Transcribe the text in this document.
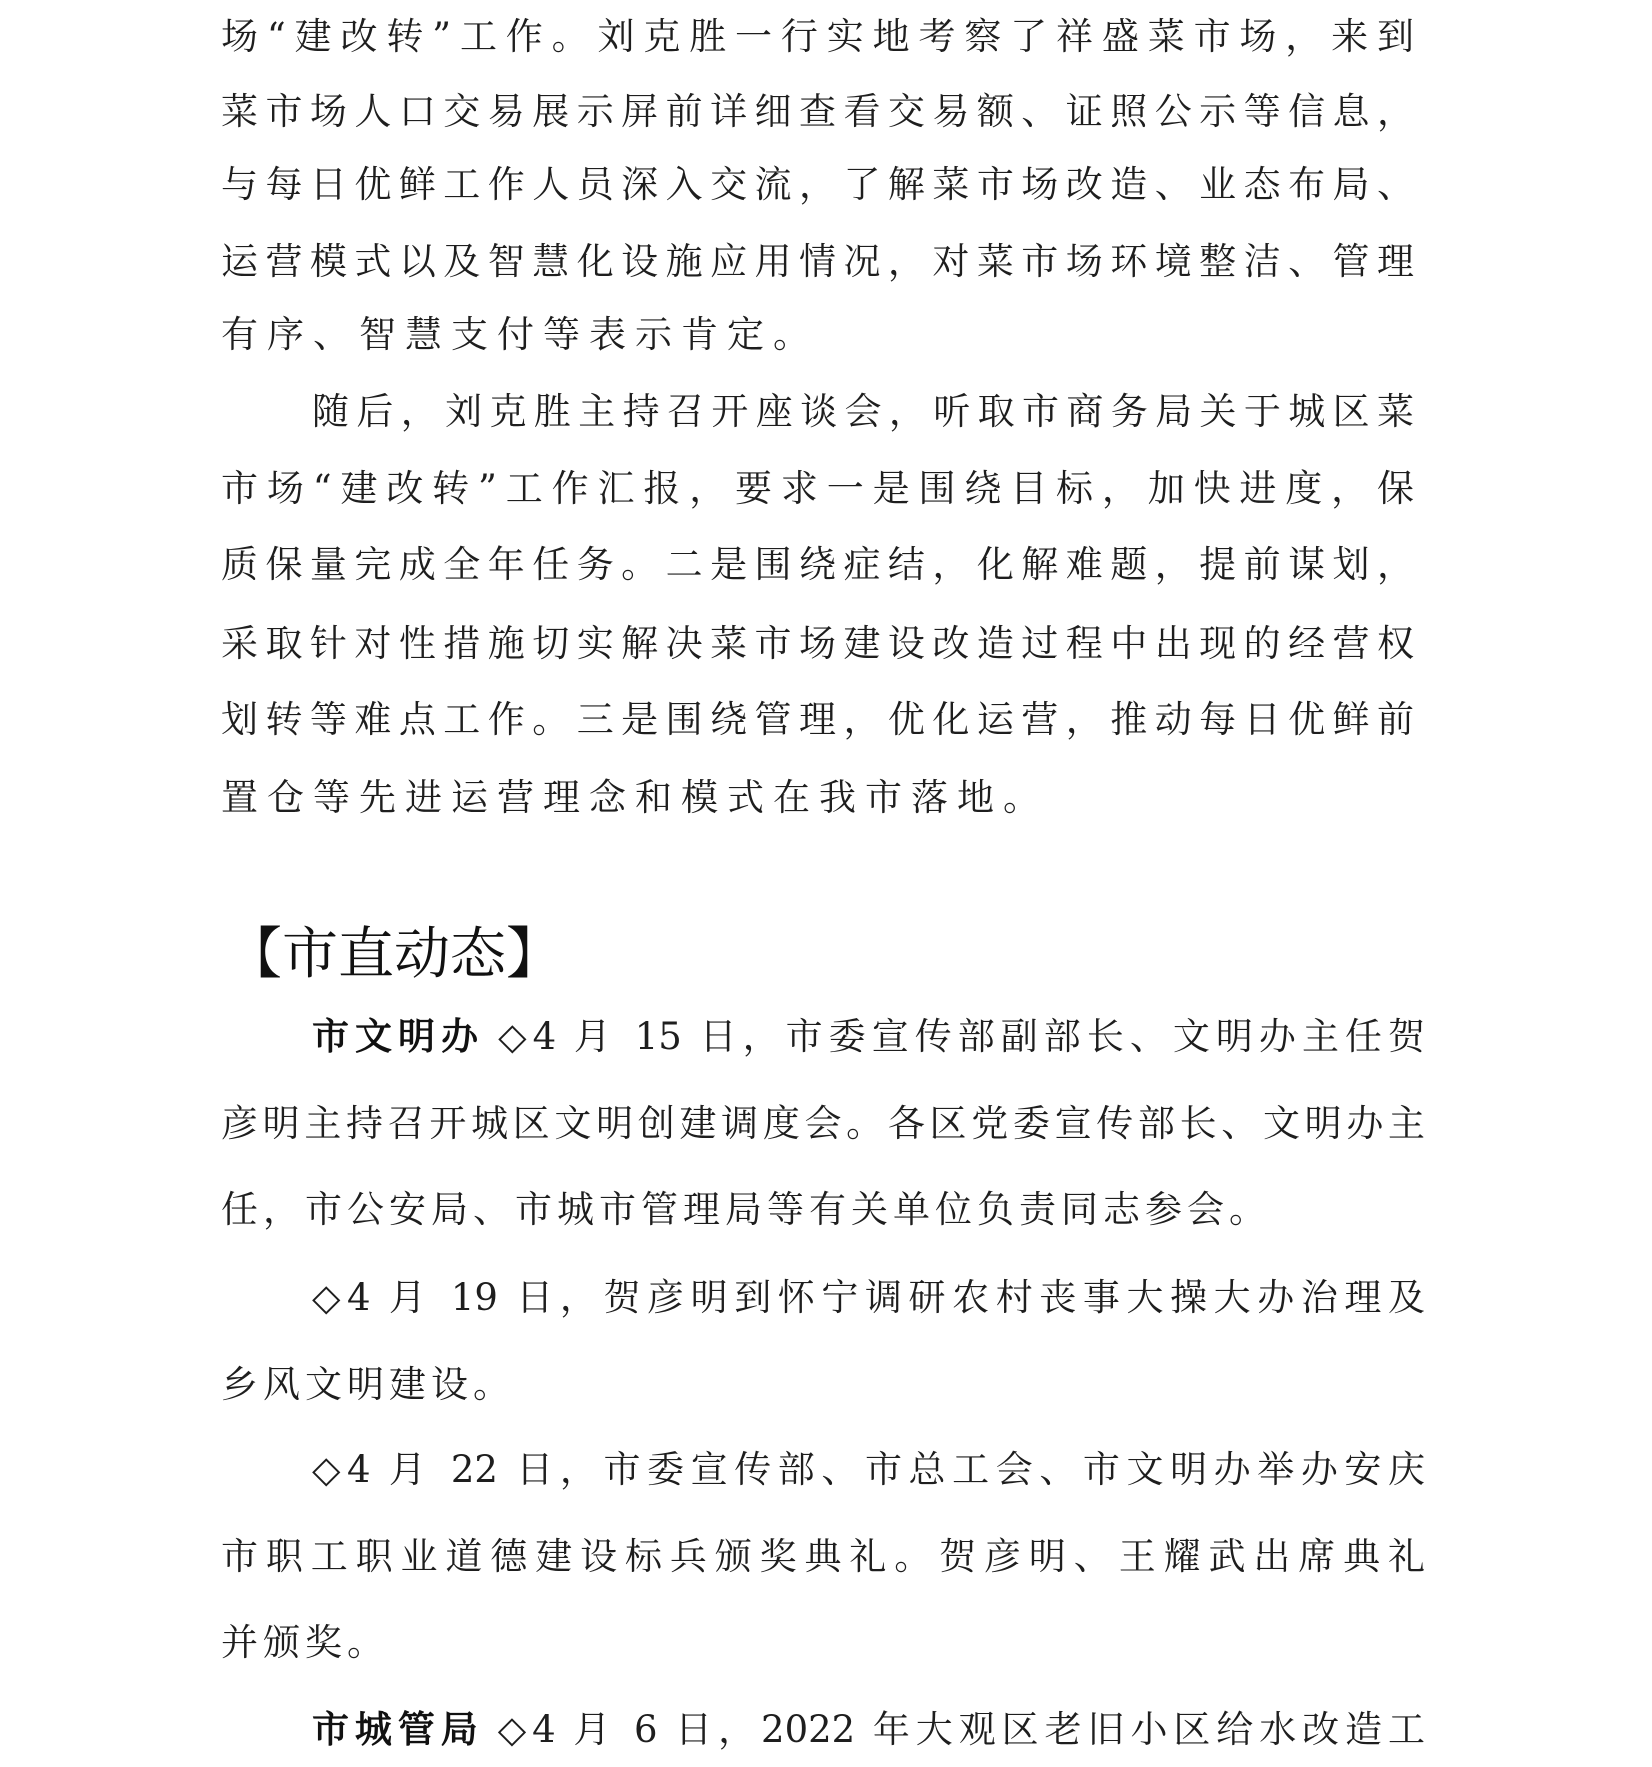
场“建改转”工作。刘克胜一行实地考察了祥盛菜市场，来到
菜市场人口交易展示屏前详细查看交易额、证照公示等信息，
与每日优鲜工作人员深入交流，了解菜市场改造、业态布局、
运营模式以及智慧化设施应用情况，对菜市场环境整洁、管理
有序、智慧支付等表示肯定。
随后，刘克胜主持召开座谈会，听取市商务局关于城区菜
市场“建改转”工作汇报，要求一是围绕目标，加快进度，保
质保量完成全年任务。二是围绕症结，化解难题，提前谋划，
采取针对性措施切实解决菜市场建设改造过程中出现的经营权
划转等难点工作。三是围绕管理，优化运营，推动每日优鲜前
置仓等先进运营理念和模式在我市落地。
【市直动态】
市文明办 ◇4 月 15 日，市委宣传部副部长、文明办主任贺
彦明主持召开城区文明创建调度会。各区党委宣传部长、文明办主
任，市公安局、市城市管理局等有关单位负责同志参会。
◇4 月 19 日，贺彦明到怀宁调研农村丧事大操大办治理及
乡风文明建设。
◇4 月 22 日，市委宣传部、市总工会、市文明办举办安庆
市职工职业道德建设标兵颁奖典礼。贺彦明、王耀武出席典礼
并颁奖。
市城管局 ◇4 月 6 日，2022 年大观区老旧小区给水改造工
